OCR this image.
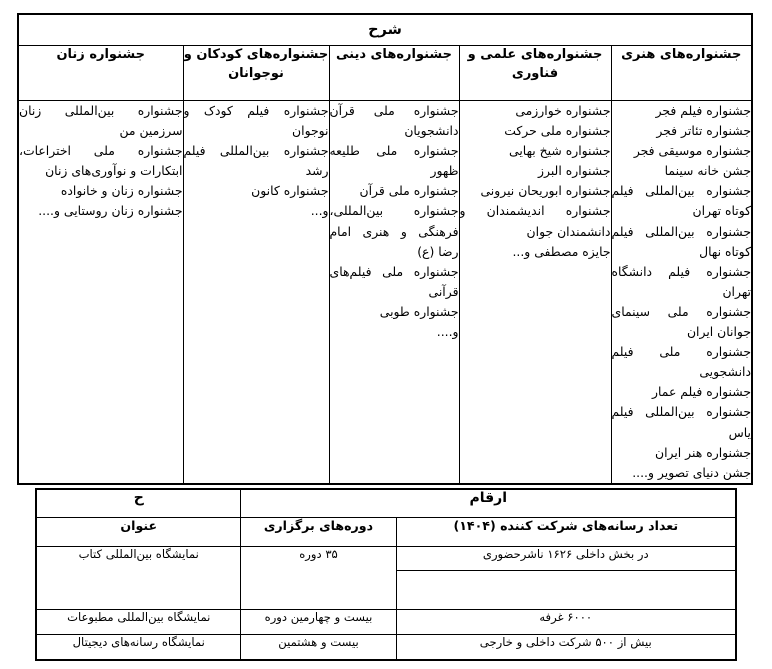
شرح				
جشنواره‌های هنری	جشنواره‌های علمی و فناوری	جشنواره‌های دینی	جشنواره‌های کودکان و نوجوانان	جشنواره زنان

جشنواره فیلم فجر
جشنواره تئاتر فجر
جشنواره موسیقی فجر
جشن خانه سینما
جشنواره بین‌المللی فیلم کوتاه تهران
جشنواره بین‌المللی فیلم کوتاه نهال
جشنواره فیلم دانشگاه تهران
جشنواره ملی سینمای جوانان ایران
جشنواره ملی فیلم دانشجویی
جشنواره فیلم عمار
جشنواره بین‌المللی فیلم یاس
جشنواره هنر ایران
جشن دنیای تصویر و....

جشنواره خوارزمی
جشنواره ملی حرکت
جشنواره شیخ بهایی
جشنواره البرز
جشنواره ابوریحان نیرونی
جشنواره اندیشمندان و دانشمندان جوان
جایزه مصطفی و...

جشنواره ملی قرآن دانشجویان
جشنواره ملی طلیعه ظهور
جشنواره ملی قرآن
جشنواره بین‌المللی، فرهنگی و هنری امام رضا (ع)
جشنواره ملی فیلم‌های قرآنی
جشنواره طوبی
و....

جشنواره فیلم کودک و نوجوان
جشنواره بین‌المللی فیلم رشد
جشنواره کانون
و...

جشنواره بین‌المللی زنان سرزمین من
جشنواره ملی اختراعات، ابتکارات و نوآوری‌های زنان
جشنواره زنان و خانواده
جشنواره زنان روستایی و....
ارقام		ح
تعداد رسانه‌های شرکت کننده (۱۴۰۴)	دوره‌های برگزاری	عنوان
در بخش داخلی ۱۶۲۶ ناشرحضوری	۳۵ دوره	نمایشگاه بین‌المللی کتاب

۶۰۰۰ غرفه	بیست و چهارمین دوره	نمایشگاه بین‌المللی مطبوعات
بیش از ۵۰۰ شرکت داخلی و خارجی	بیست و هشتمین	نمایشگاه رسانه‌های دیجیتال
